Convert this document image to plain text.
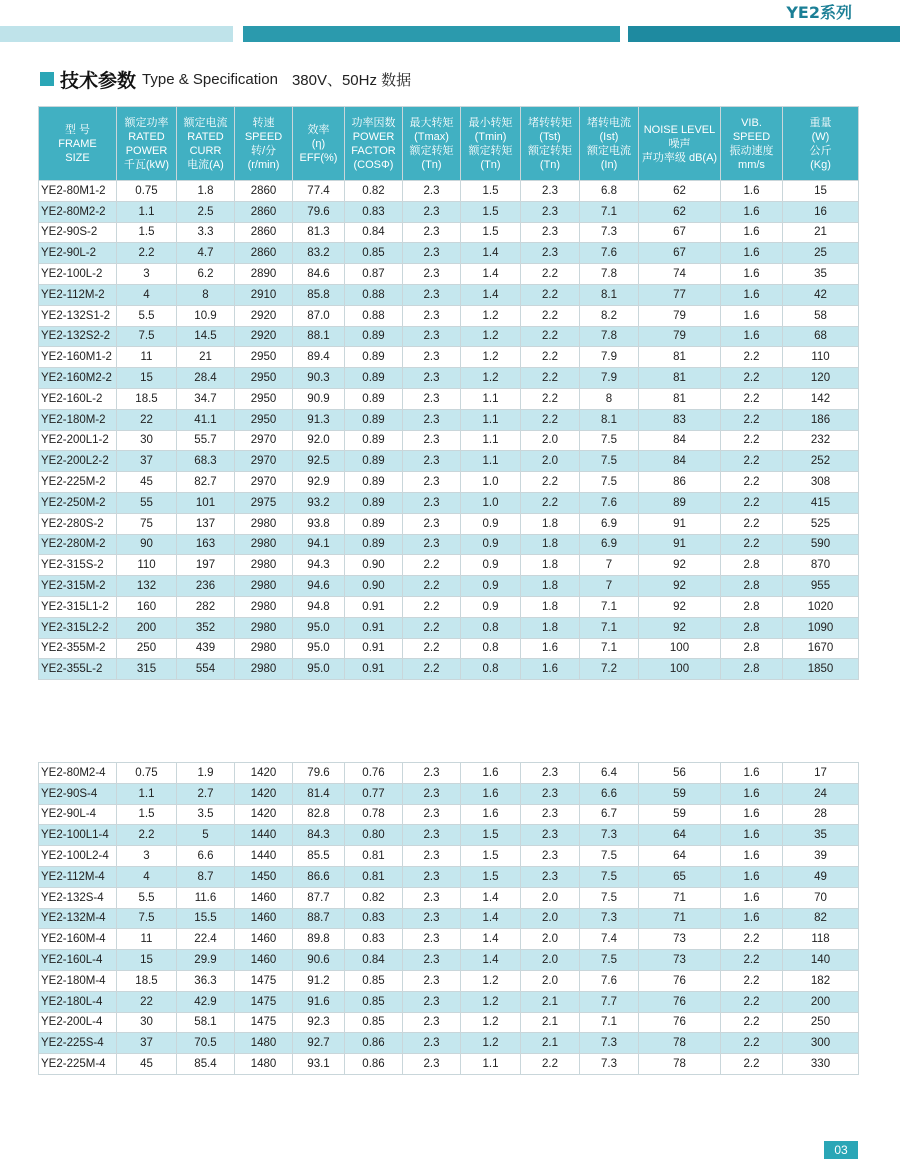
YE2系列
技术参数 Type & Specification 380V、50Hz 数据
型 号
FRAME
SIZE	额定功率
RATED
POWER
千瓦(kW)	额定电流
RATED
CURR
电流(A)	转速
SPEED
转/分
(r/min)	效率
(η)
EFF(%)	功率因数
POWER
FACTOR
(COSΦ)	最大转矩
(Tmax)
额定转矩
(Tn)	最小转矩
(Tmin)
额定转矩
(Tn)	堵转转矩
(Tst)
额定转矩
(Tn)	堵转电流
(Ist)
额定电流
(In)	NOISE LEVEL
噪声
声功率级 dB(A)	VIB.
SPEED
振动速度
mm/s	重量
(W)
公斤
(Kg)

YE2-80M1-2	0.75	1.8	2860	77.4	0.82	2.3	1.5	2.3	6.8	62	1.6	15
YE2-80M2-2	1.1	2.5	2860	79.6	0.83	2.3	1.5	2.3	7.1	62	1.6	16
YE2-90S-2	1.5	3.3	2860	81.3	0.84	2.3	1.5	2.3	7.3	67	1.6	21
YE2-90L-2	2.2	4.7	2860	83.2	0.85	2.3	1.4	2.3	7.6	67	1.6	25
YE2-100L-2	3	6.2	2890	84.6	0.87	2.3	1.4	2.2	7.8	74	1.6	35
YE2-112M-2	4	8	2910	85.8	0.88	2.3	1.4	2.2	8.1	77	1.6	42
YE2-132S1-2	5.5	10.9	2920	87.0	0.88	2.3	1.2	2.2	8.2	79	1.6	58
YE2-132S2-2	7.5	14.5	2920	88.1	0.89	2.3	1.2	2.2	7.8	79	1.6	68
YE2-160M1-2	11	21	2950	89.4	0.89	2.3	1.2	2.2	7.9	81	2.2	110
YE2-160M2-2	15	28.4	2950	90.3	0.89	2.3	1.2	2.2	7.9	81	2.2	120
YE2-160L-2	18.5	34.7	2950	90.9	0.89	2.3	1.1	2.2	8	81	2.2	142
YE2-180M-2	22	41.1	2950	91.3	0.89	2.3	1.1	2.2	8.1	83	2.2	186
YE2-200L1-2	30	55.7	2970	92.0	0.89	2.3	1.1	2.0	7.5	84	2.2	232
YE2-200L2-2	37	68.3	2970	92.5	0.89	2.3	1.1	2.0	7.5	84	2.2	252
YE2-225M-2	45	82.7	2970	92.9	0.89	2.3	1.0	2.2	7.5	86	2.2	308
YE2-250M-2	55	101	2975	93.2	0.89	2.3	1.0	2.2	7.6	89	2.2	415
YE2-280S-2	75	137	2980	93.8	0.89	2.3	0.9	1.8	6.9	91	2.2	525
YE2-280M-2	90	163	2980	94.1	0.89	2.3	0.9	1.8	6.9	91	2.2	590
YE2-315S-2	110	197	2980	94.3	0.90	2.2	0.9	1.8	7	92	2.8	870
YE2-315M-2	132	236	2980	94.6	0.90	2.2	0.9	1.8	7	92	2.8	955
YE2-315L1-2	160	282	2980	94.8	0.91	2.2	0.9	1.8	7.1	92	2.8	1020
YE2-315L2-2	200	352	2980	95.0	0.91	2.2	0.8	1.8	7.1	92	2.8	1090
YE2-355M-2	250	439	2980	95.0	0.91	2.2	0.8	1.6	7.1	100	2.8	1670
YE2-355L-2	315	554	2980	95.0	0.91	2.2	0.8	1.6	7.2	100	2.8	1850
YE2-80M2-4	0.75	1.9	1420	79.6	0.76	2.3	1.6	2.3	6.4	56	1.6	17
YE2-90S-4	1.1	2.7	1420	81.4	0.77	2.3	1.6	2.3	6.6	59	1.6	24
YE2-90L-4	1.5	3.5	1420	82.8	0.78	2.3	1.6	2.3	6.7	59	1.6	28
YE2-100L1-4	2.2	5	1440	84.3	0.80	2.3	1.5	2.3	7.3	64	1.6	35
YE2-100L2-4	3	6.6	1440	85.5	0.81	2.3	1.5	2.3	7.5	64	1.6	39
YE2-112M-4	4	8.7	1450	86.6	0.81	2.3	1.5	2.3	7.5	65	1.6	49
YE2-132S-4	5.5	11.6	1460	87.7	0.82	2.3	1.4	2.0	7.5	71	1.6	70
YE2-132M-4	7.5	15.5	1460	88.7	0.83	2.3	1.4	2.0	7.3	71	1.6	82
YE2-160M-4	11	22.4	1460	89.8	0.83	2.3	1.4	2.0	7.4	73	2.2	118
YE2-160L-4	15	29.9	1460	90.6	0.84	2.3	1.4	2.0	7.5	73	2.2	140
YE2-180M-4	18.5	36.3	1475	91.2	0.85	2.3	1.2	2.0	7.6	76	2.2	182
YE2-180L-4	22	42.9	1475	91.6	0.85	2.3	1.2	2.1	7.7	76	2.2	200
YE2-200L-4	30	58.1	1475	92.3	0.85	2.3	1.2	2.1	7.1	76	2.2	250
YE2-225S-4	37	70.5	1480	92.7	0.86	2.3	1.2	2.1	7.3	78	2.2	300
YE2-225M-4	45	85.4	1480	93.1	0.86	2.3	1.1	2.2	7.3	78	2.2	330
03
